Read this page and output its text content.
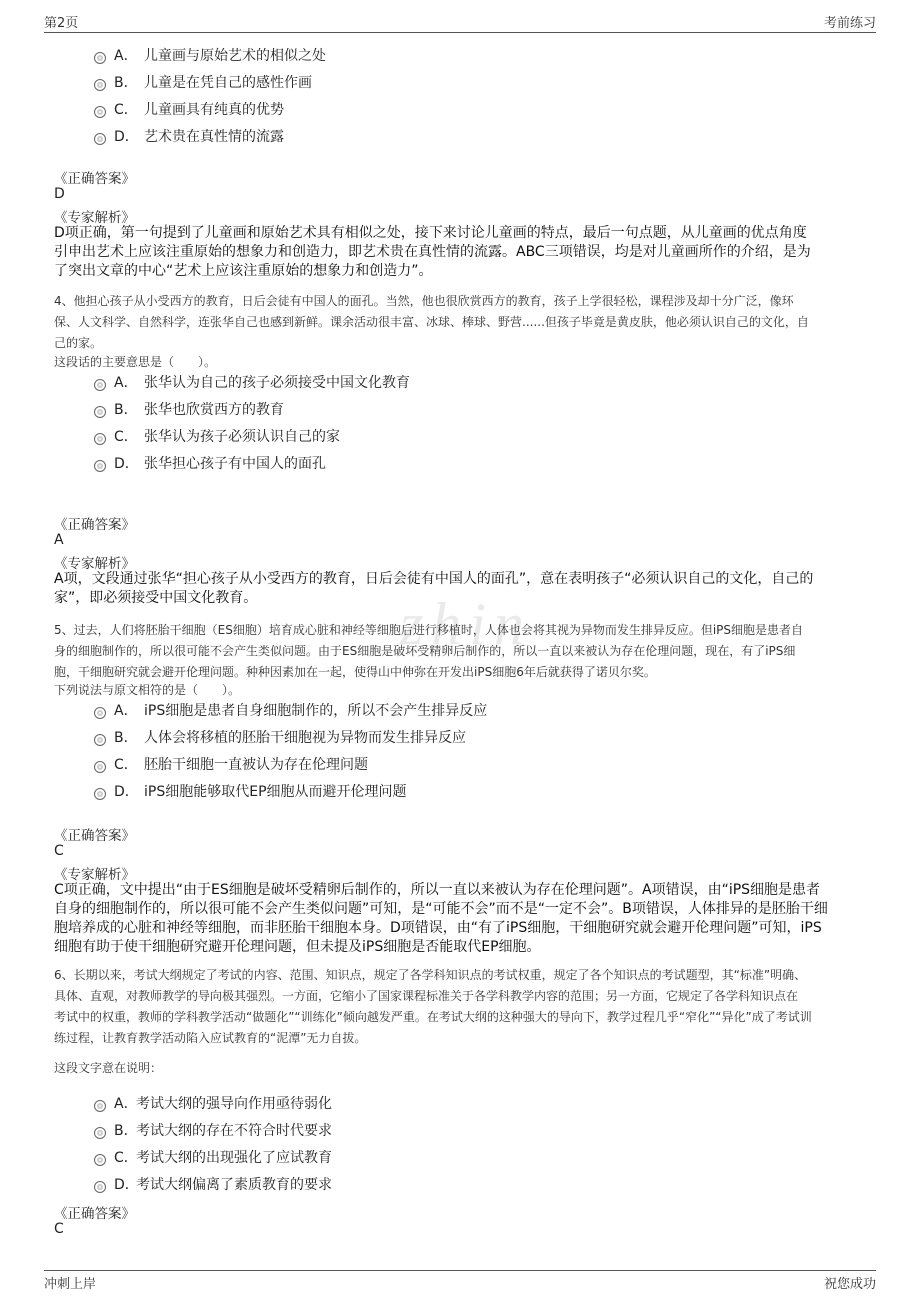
第2页	考前练习
A． 儿童画与原始艺术的相似之处
B． 儿童是在凭自己的感性作画
C． 儿童画具有纯真的优势
D． 艺术贵在真性情的流露
《正确答案》
D
《专家解析》
D项正确，第一句提到了儿童画和原始艺术具有相似之处，接下来讨论儿童画的特点，最后一句点题，从儿童画的优点角度
引申出艺术上应该注重原始的想象力和创造力，即艺术贵在真性情的流露。ABC三项错误，均是对儿童画所作的介绍，是为
了突出文章的中心“艺术上应该注重原始的想象力和创造力”。
4、他担心孩子从小受西方的教育，日后会徒有中国人的面孔。当然，他也很欣赏西方的教育，孩子上学很轻松，课程涉及却十分广泛，像环
保、人文科学、自然科学，连张华自己也感到新鲜。课余活动很丰富、冰球、棒球、野营......但孩子毕竟是黄皮肤，他必须认识自己的文化，自
己的家。
这段话的主要意思是（　　）。
A． 张华认为自己的孩子必须接受中国文化教育
B． 张华也欣赏西方的教育
C． 张华认为孩子必须认识自己的家
D． 张华担心孩子有中国人的面孔
《正确答案》
A
《专家解析》
A项，文段通过张华“担心孩子从小受西方的教育，日后会徒有中国人的面孔”，意在表明孩子“必须认识自己的文化，自己的
家”，即必须接受中国文化教育。	zhin
5、过去，人们将胚胎干细胞（ES细胞）培育成心脏和神经等细胞后进行移植时，人体也会将其视为异物而发生排异反应。但iPS细胞是患者自
身的细胞制作的，所以很可能不会产生类似问题。由于ES细胞是破坏受精卵后制作的，所以一直以来被认为存在伦理问题，现在，有了iPS细
胞，干细胞研究就会避开伦理问题。种种因素加在一起，使得山中伸弥在开发出iPS细胞6年后就获得了诺贝尔奖。
下列说法与原文相符的是（　　）。
A． iPS细胞是患者自身细胞制作的，所以不会产生排异反应
B． 人体会将移植的胚胎干细胞视为异物而发生排异反应
C． 胚胎干细胞一直被认为存在伦理问题
D． iPS细胞能够取代EP细胞从而避开伦理问题
《正确答案》
C
《专家解析》
C项正确，文中提出“由于ES细胞是破坏受精卵后制作的，所以一直以来被认为存在伦理问题”。A项错误，由“iPS细胞是患者
自身的细胞制作的，所以很可能不会产生类似问题”可知，是“可能不会”而不是“一定不会”。B项错误，人体排异的是胚胎干细
胞培养成的心脏和神经等细胞，而非胚胎干细胞本身。D项错误，由“有了iPS细胞，干细胞研究就会避开伦理问题”可知，iPS
细胞有助于使干细胞研究避开伦理问题，但未提及iPS细胞是否能取代EP细胞。
6、长期以来，考试大纲规定了考试的内容、范围、知识点，规定了各学科知识点的考试权重，规定了各个知识点的考试题型，其“标准”明确、
具体、直观，对教师教学的导向极其强烈。一方面，它缩小了国家课程标准关于各学科教学内容的范围；另一方面，它规定了各学科知识点在
考试中的权重，教师的学科教学活动“做题化”“训练化”倾向越发严重。在考试大纲的这种强大的导向下，教学过程几乎“窄化”“异化”成了考试训
练过程，让教育教学活动陷入应试教育的“泥潭”无力自拔。
这段文字意在说明：
A．
考试大纲的强导向作用亟待弱化
B．
考试大纲的存在不符合时代要求
C．
考试大纲的出现强化了应试教育
D．
考试大纲偏离了素质教育的要求
《正确答案》
C
冲刺上岸	祝您成功
